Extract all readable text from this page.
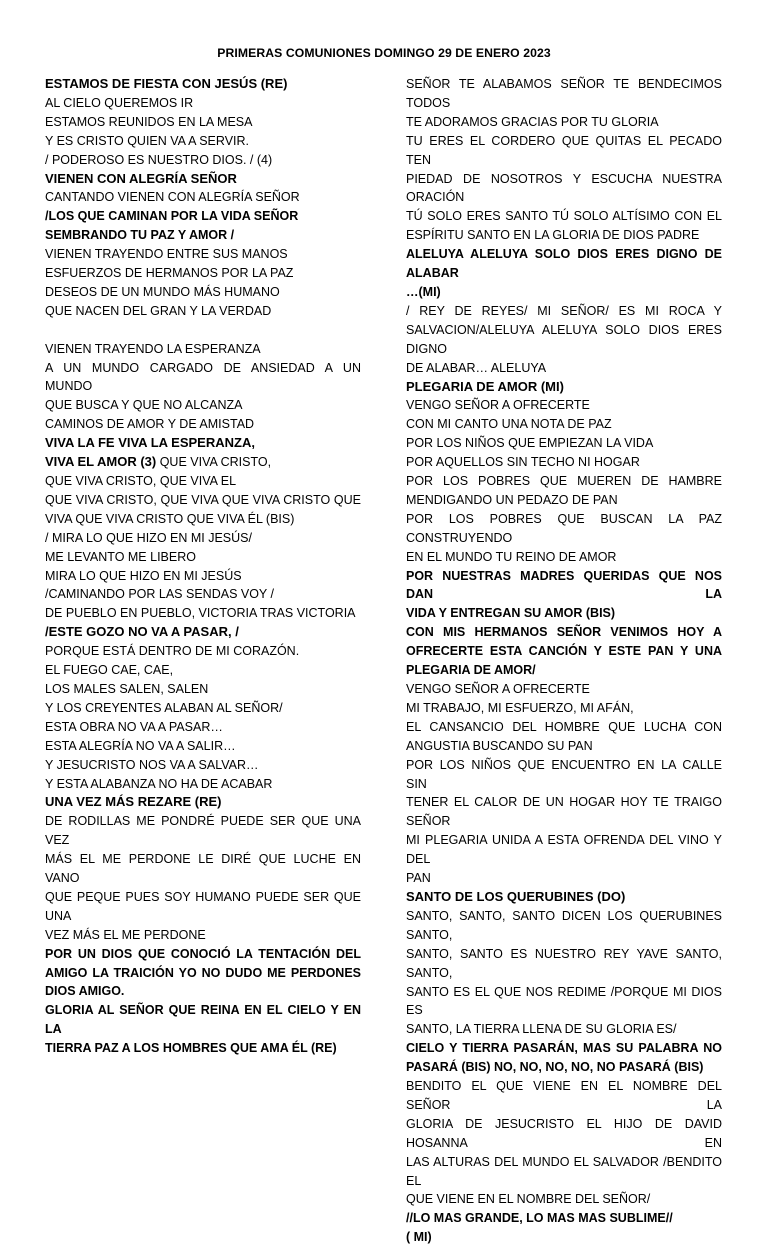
PRIMERAS COMUNIONES DOMINGO 29 DE ENERO 2023
ESTAMOS DE FIESTA CON JESÚS (RE)
AL CIELO QUEREMOS IR
ESTAMOS REUNIDOS EN LA MESA
Y ES CRISTO QUIEN VA A SERVIR.
/ PODEROSO ES NUESTRO DIOS. / (4)
VIENEN CON ALEGRÍA SEÑOR
CANTANDO VIENEN CON ALEGRÍA SEÑOR
/LOS QUE CAMINAN POR LA VIDA SEÑOR
SEMBRANDO TU PAZ Y AMOR /
VIENEN TRAYENDO ENTRE SUS MANOS
ESFUERZOS DE HERMANOS POR LA PAZ
DESEOS DE UN MUNDO MÁS HUMANO
QUE NACEN DEL GRAN Y LA VERDAD
VIENEN TRAYENDO LA ESPERANZA
A UN MUNDO CARGADO DE ANSIEDAD A UN MUNDO
QUE BUSCA Y QUE NO ALCANZA
CAMINOS DE AMOR Y DE AMISTAD
VIVA LA FE VIVA LA ESPERANZA,
VIVA EL AMOR (3) QUE VIVA CRISTO,
QUE VIVA CRISTO, QUE VIVA EL
QUE VIVA CRISTO, QUE VIVA QUE VIVA CRISTO QUE
VIVA QUE VIVA CRISTO QUE VIVA ÉL (BIS)
/ MIRA LO QUE HIZO EN MI JESÚS/
ME LEVANTO ME LIBERO
MIRA LO QUE HIZO EN MI JESÚS
/CAMINANDO POR LAS SENDAS VOY /
DE PUEBLO EN PUEBLO, VICTORIA TRAS VICTORIA
/ESTE GOZO NO VA A PASAR, /
PORQUE ESTÁ DENTRO DE MI CORAZÓN.
EL FUEGO CAE, CAE,
LOS MALES SALEN, SALEN
Y LOS CREYENTES ALABAN AL SEÑOR/
ESTA OBRA NO VA A PASAR…
ESTA ALEGRÍA NO VA A SALIR…
Y JESUCRISTO NOS VA A SALVAR…
Y ESTA ALABANZA NO HA DE ACABAR
UNA VEZ MÁS REZARE (RE)
DE RODILLAS ME PONDRÉ PUEDE SER QUE UNA VEZ
MÁS EL ME PERDONE LE DIRÉ QUE LUCHE EN VANO
QUE PEQUE PUES SOY HUMANO PUEDE SER QUE UNA
VEZ MÁS EL ME PERDONE
POR UN DIOS QUE CONOCIÓ LA TENTACIÓN DEL
AMIGO LA TRAICIÓN YO NO DUDO ME PERDONES
DIOS AMIGO.
GLORIA AL SEÑOR QUE REINA EN EL CIELO Y EN LA
TIERRA PAZ A LOS HOMBRES QUE AMA ÉL (RE)
SEÑOR TE ALABAMOS SEÑOR TE BENDECIMOS TODOS
TE ADORAMOS GRACIAS POR TU GLORIA
TU ERES EL CORDERO QUE QUITAS EL PECADO TEN
PIEDAD DE NOSOTROS Y ESCUCHA NUESTRA ORACIÓN
TÚ SOLO ERES SANTO TÚ SOLO ALTÍSIMO CON EL
ESPÍRITU SANTO EN LA GLORIA DE DIOS PADRE
ALELUYA ALELUYA SOLO DIOS ERES DIGNO DE ALABAR
…(MI)
/ REY DE REYES/ MI SEÑOR/ ES MI ROCA Y
SALVACION/ALELUYA ALELUYA SOLO DIOS ERES DIGNO
DE ALABAR… ALELUYA
PLEGARIA DE AMOR (MI)
VENGO SEÑOR A OFRECERTE
CON MI CANTO UNA NOTA DE PAZ
POR LOS NIÑOS QUE EMPIEZAN LA VIDA
POR AQUELLOS SIN TECHO NI HOGAR
POR LOS POBRES QUE MUEREN DE HAMBRE
MENDIGANDO UN PEDAZO DE PAN
POR LOS POBRES QUE BUSCAN LA PAZ CONSTRUYENDO
EN EL MUNDO TU REINO DE AMOR
POR NUESTRAS MADRES QUERIDAS QUE NOS DAN LA
VIDA Y ENTREGAN SU AMOR (BIS)
CON MIS HERMANOS SEÑOR VENIMOS HOY A
OFRECERTE ESTA CANCIÓN Y ESTE PAN Y UNA
PLEGARIA DE AMOR/
VENGO SEÑOR A OFRECERTE
MI TRABAJO, MI ESFUERZO, MI AFÁN,
EL CANSANCIO DEL HOMBRE QUE LUCHA CON
ANGUSTIA BUSCANDO SU PAN
POR LOS NIÑOS QUE ENCUENTRO EN LA CALLE SIN
TENER EL CALOR DE UN HOGAR HOY TE TRAIGO SEÑOR
MI PLEGARIA UNIDA A ESTA OFRENDA DEL VINO Y DEL
PAN
SANTO DE LOS QUERUBINES (DO)
SANTO, SANTO, SANTO DICEN LOS QUERUBINES SANTO,
SANTO, SANTO ES NUESTRO REY YAVE SANTO, SANTO,
SANTO ES EL QUE NOS REDIME /PORQUE MI DIOS ES
SANTO, LA TIERRA LLENA DE SU GLORIA ES/
CIELO Y TIERRA PASARÁN, MAS SU PALABRA NO
PASARÁ (BIS) NO, NO, NO, NO, NO PASARÁ (BIS)
BENDITO EL QUE VIENE EN EL NOMBRE DEL SEÑOR LA
GLORIA DE JESUCRISTO EL HIJO DE DAVID HOSANNA EN
LAS ALTURAS DEL MUNDO EL SALVADOR /BENDITO EL
QUE VIENE EN EL NOMBRE DEL SEÑOR/
//LO MAS GRANDE, LO MAS MAS SUBLIME//
( MI)
